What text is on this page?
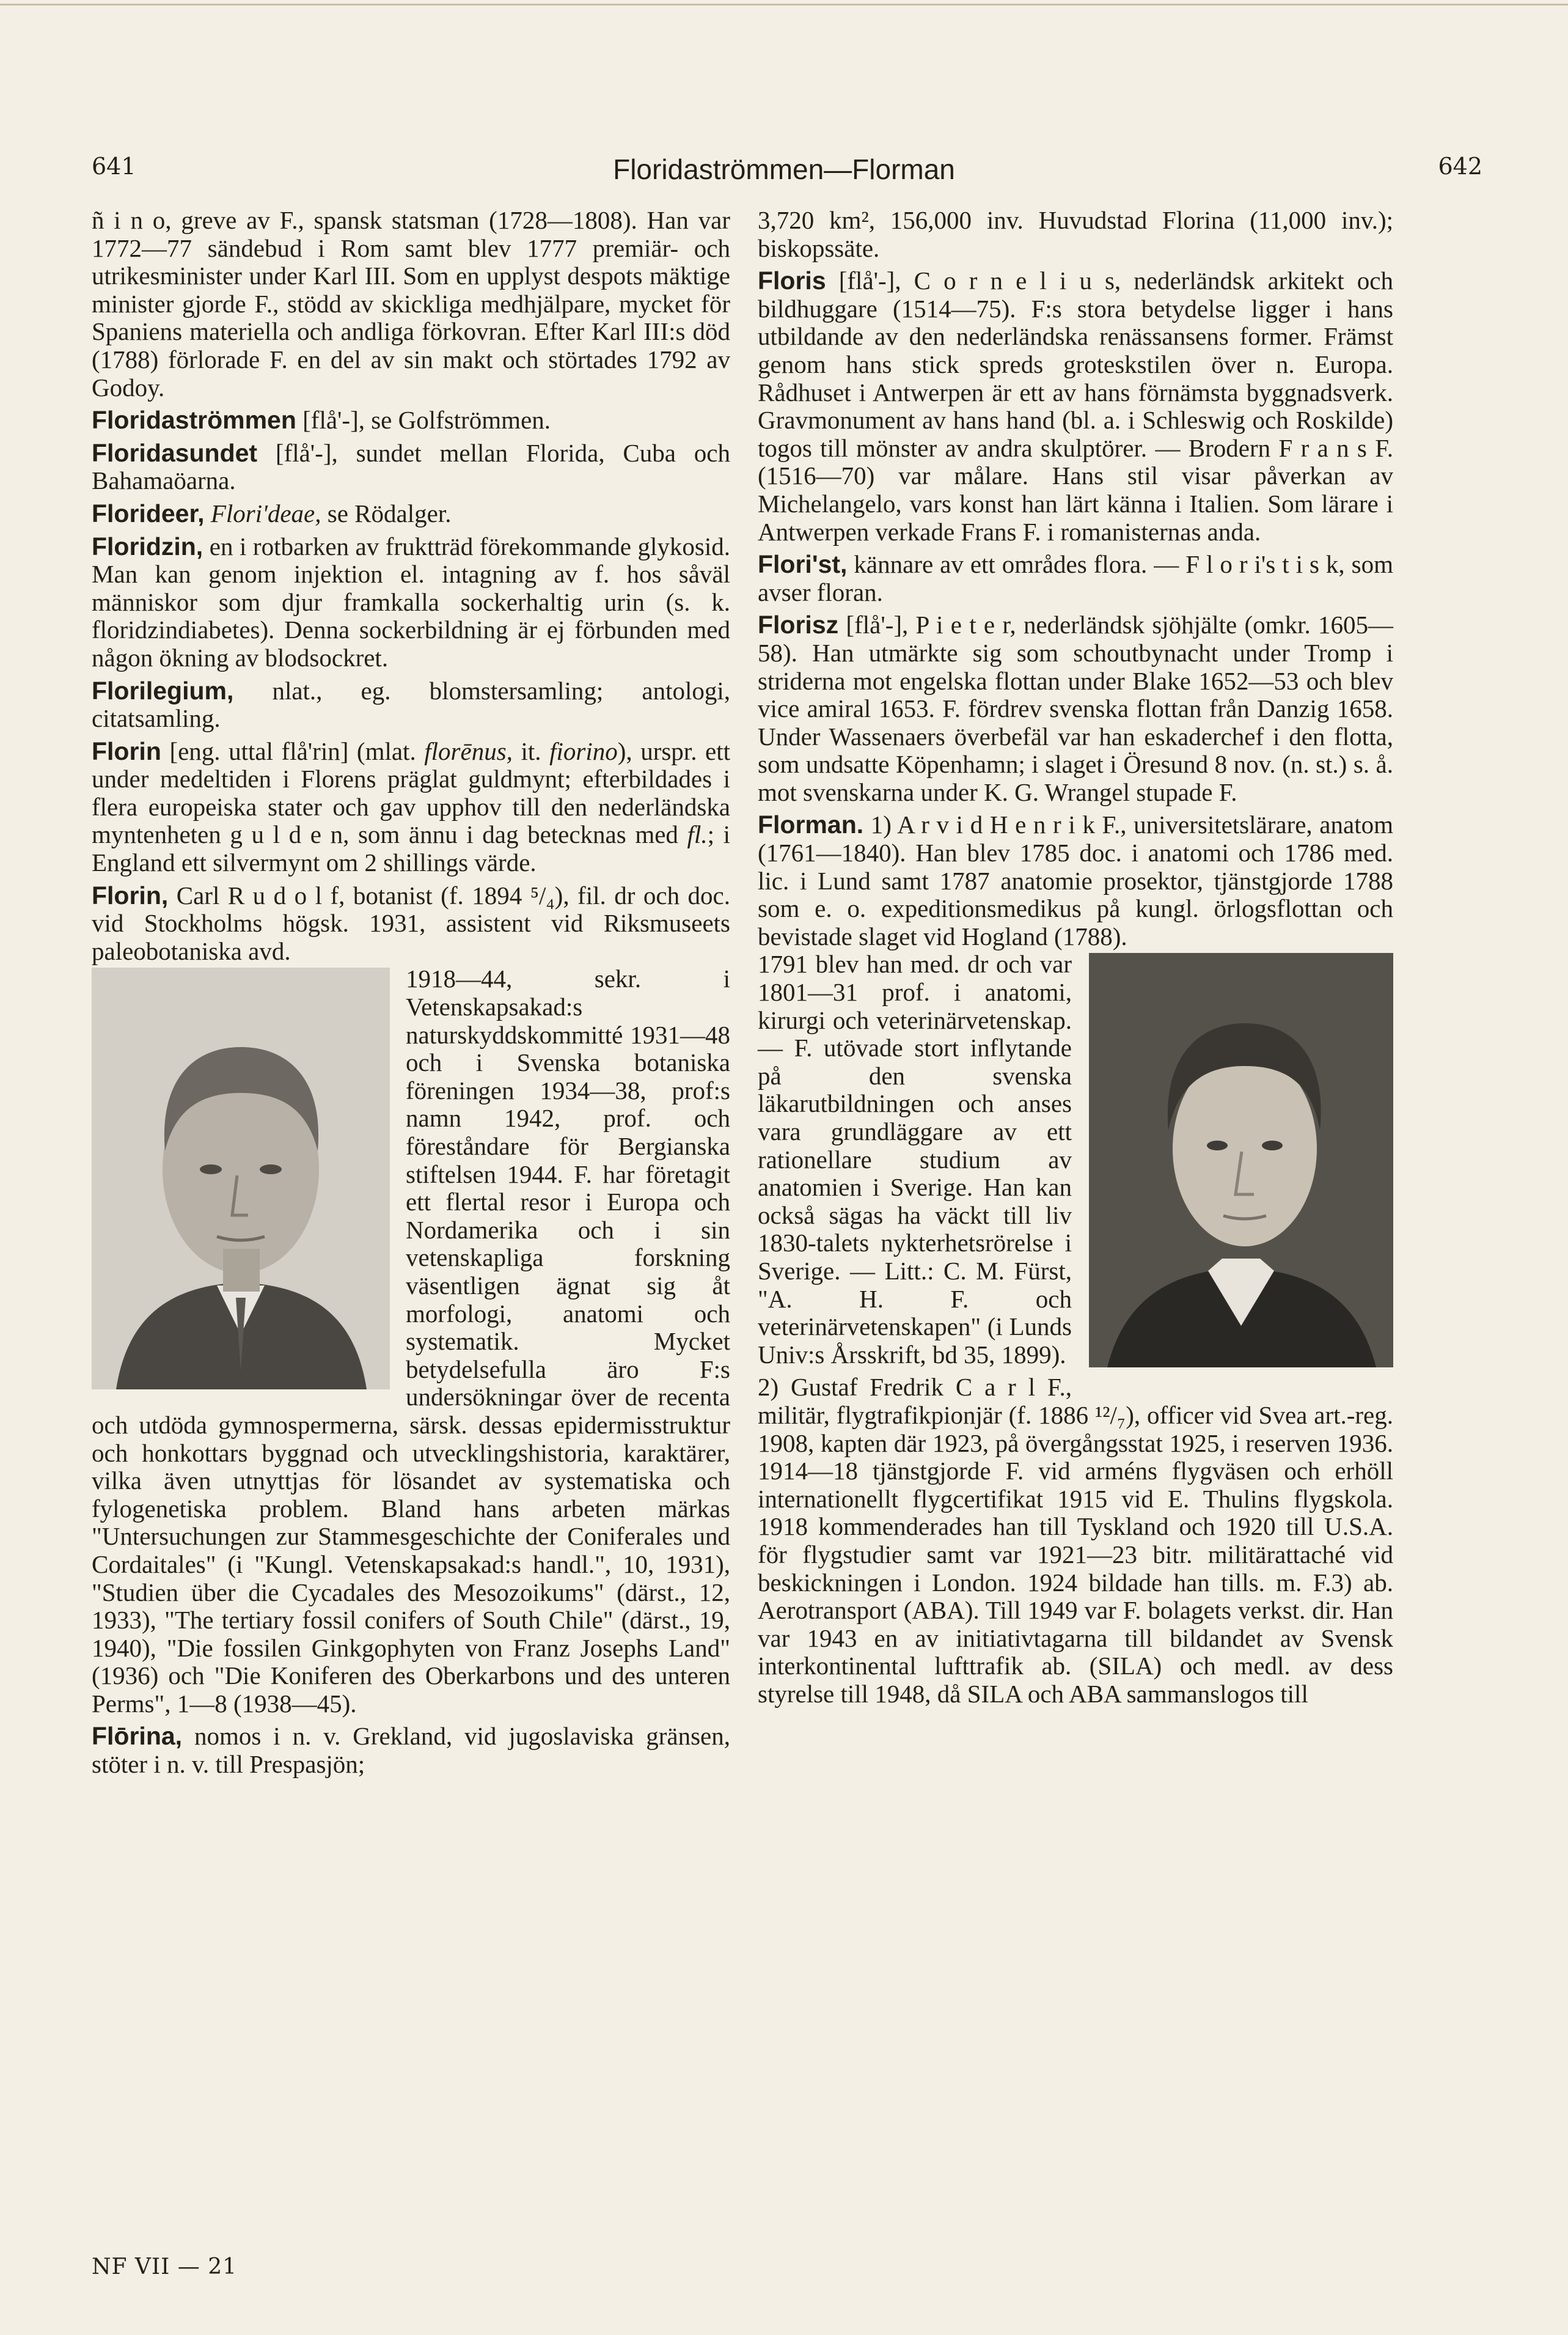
641	Floridaströmmen—Florman	642

ñ i n o, greve av F., spansk statsman (1728—1808). Han var 1772—77 sändebud i Rom samt blev 1777 premiär- och utrikesminister under Karl III. Som en upplyst despots mäktige minister gjorde F., stödd av skickliga medhjälpare, mycket för Spaniens materiella och andliga förkovran. Efter Karl III:s död (1788) förlorade F. en del av sin makt och störtades 1792 av Godoy.

Floridaströmmen [flå'-], se Golfströmmen.

Floridasundet [flå'-], sundet mellan Florida, Cuba och Bahamaöarna.

Florideer, Flori'deae, se Rödalger.

Floridzin, en i rotbarken av fruktträd förekommande glykosid. Man kan genom injektion el. intagning av f. hos såväl människor som djur framkalla sockerhaltig urin (s. k. floridzindiabetes). Denna sockerbildning är ej förbunden med någon ökning av blodsockret.

Florilegium, nlat., eg. blomstersamling; antologi, citatsamling.

Florin [eng. uttal flå'rin] (mlat. florēnus, it. fiorino), urspr. ett under medeltiden i Florens präglat guldmynt; efterbildades i flera europeiska stater och gav upphov till den nederländska myntenheten g u l d e n, som ännu i dag betecknas med fl.; i England ett silvermynt om 2 shillings värde.

Florin, Carl R u d o l f, botanist (f. 1894 ⁵/₄), fil. dr och doc. vid Stockholms högsk. 1931, assistent vid Riksmuseets paleobotaniska avd.

1918—44, sekr. i Vetenskapsakad:s naturskyddskommitté 1931—48 och i Svenska botaniska föreningen 1934—38, prof:s namn 1942, prof. och föreståndare för Bergianska stiftelsen 1944. F. har företagit ett flertal resor i Europa och Nordamerika och i sin vetenskapliga forskning väsentligen ägnat sig åt morfologi, anatomi och systematik. Mycket betydelsefulla äro F:s undersökningar över de recenta och utdöda gymnospermerna, särsk. dessas epidermisstruktur och honkottars byggnad och utvecklingshistoria, karaktärer, vilka även utnyttjas för lösandet av systematiska och fylogenetiska problem. Bland hans arbeten märkas "Untersuchungen zur Stammesgeschichte der Coniferales und Cordaitales" (i "Kungl. Vetenskapsakad:s handl.", 10, 1931), "Studien über die Cycadales des Mesozoikums" (därst., 12, 1933), "The tertiary fossil conifers of South Chile" (därst., 19, 1940), "Die fossilen Ginkgophyten von Franz Josephs Land" (1936) och "Die Koniferen des Oberkarbons und des unteren Perms", 1—8 (1938—45).

Flōrina, nomos i n. v. Grekland, vid jugoslaviska gränsen, stöter i n. v. till Prespasjön;

NF VII — 21

3,720 km², 156,000 inv. Huvudstad Florina (11,000 inv.); biskopssäte.

Floris [flå'-], C o r n e l i u s, nederländsk arkitekt och bildhuggare (1514—75). F:s stora betydelse ligger i hans utbildande av den nederländska renässansens former. Främst genom hans stick spreds groteskstilen över n. Europa. Rådhuset i Antwerpen är ett av hans förnämsta byggnadsverk. Gravmonument av hans hand (bl. a. i Schleswig och Roskilde) togos till mönster av andra skulptörer. — Brodern F r a n s F. (1516—70) var målare. Hans stil visar påverkan av Michelangelo, vars konst han lärt känna i Italien. Som lärare i Antwerpen verkade Frans F. i romanisternas anda.

Flori'st, kännare av ett områdes flora. — F l o r i's t i s k, som avser floran.

Florisz [flå'-], P i e t e r, nederländsk sjöhjälte (omkr. 1605—58). Han utmärkte sig som schoutbynacht under Tromp i striderna mot engelska flottan under Blake 1652—53 och blev vice amiral 1653. F. fördrev svenska flottan från Danzig 1658. Under Wassenaers överbefäl var han eskaderchef i den flotta, som undsatte Köpenhamn; i slaget i Öresund 8 nov. (n. st.) s. å. mot svenskarna under K. G. Wrangel stupade F.

Florman. 1) A r v i d H e n r i k F., universitetslärare, anatom (1761—1840). Han blev 1785 doc. i anatomi och 1786 med. lic. i Lund samt 1787 anatomie prosektor, tjänstgjorde 1788 som e. o. expeditionsmedikus på kungl. örlogsflottan och bevistade slaget vid Hogland (1788).

1791 blev han med. dr och var 1801—31 prof. i anatomi, kirurgi och veterinärvetenskap. — F. utövade stort inflytande på den svenska läkarutbildningen och anses vara grundläggare av ett rationellare studium av anatomien i Sverige. Han kan också sägas ha väckt till liv 1830-talets nykterhetsrörelse i Sverige. — Litt.: C. M. Fürst, "A. H. F. och veterinärvetenskapen" (i Lunds Univ:s Årsskrift, bd 35, 1899).

2) Gustaf Fredrik C a r l F., militär, flygtrafikpionjär (f. 1886 ¹²/₇), officer vid Svea art.-reg. 1908, kapten där 1923, på övergångsstat 1925, i reserven 1936. 1914—18 tjänstgjorde F. vid arméns flygväsen och erhöll internationellt flygcertifikat 1915 vid E. Thulins flygskola. 1918 kommenderades han till Tyskland och 1920 till U.S.A. för flygstudier samt var 1921—23 bitr. militärattaché vid beskickningen i London. 1924 bildade han tills. m. F.3) ab. Aerotransport (ABA). Till 1949 var F. bolagets verkst. dir. Han var 1943 en av initiativtagarna till bildandet av Svensk interkontinental lufttrafik ab. (SILA) och medl. av dess styrelse till 1948, då SILA och ABA sammanslogos till
